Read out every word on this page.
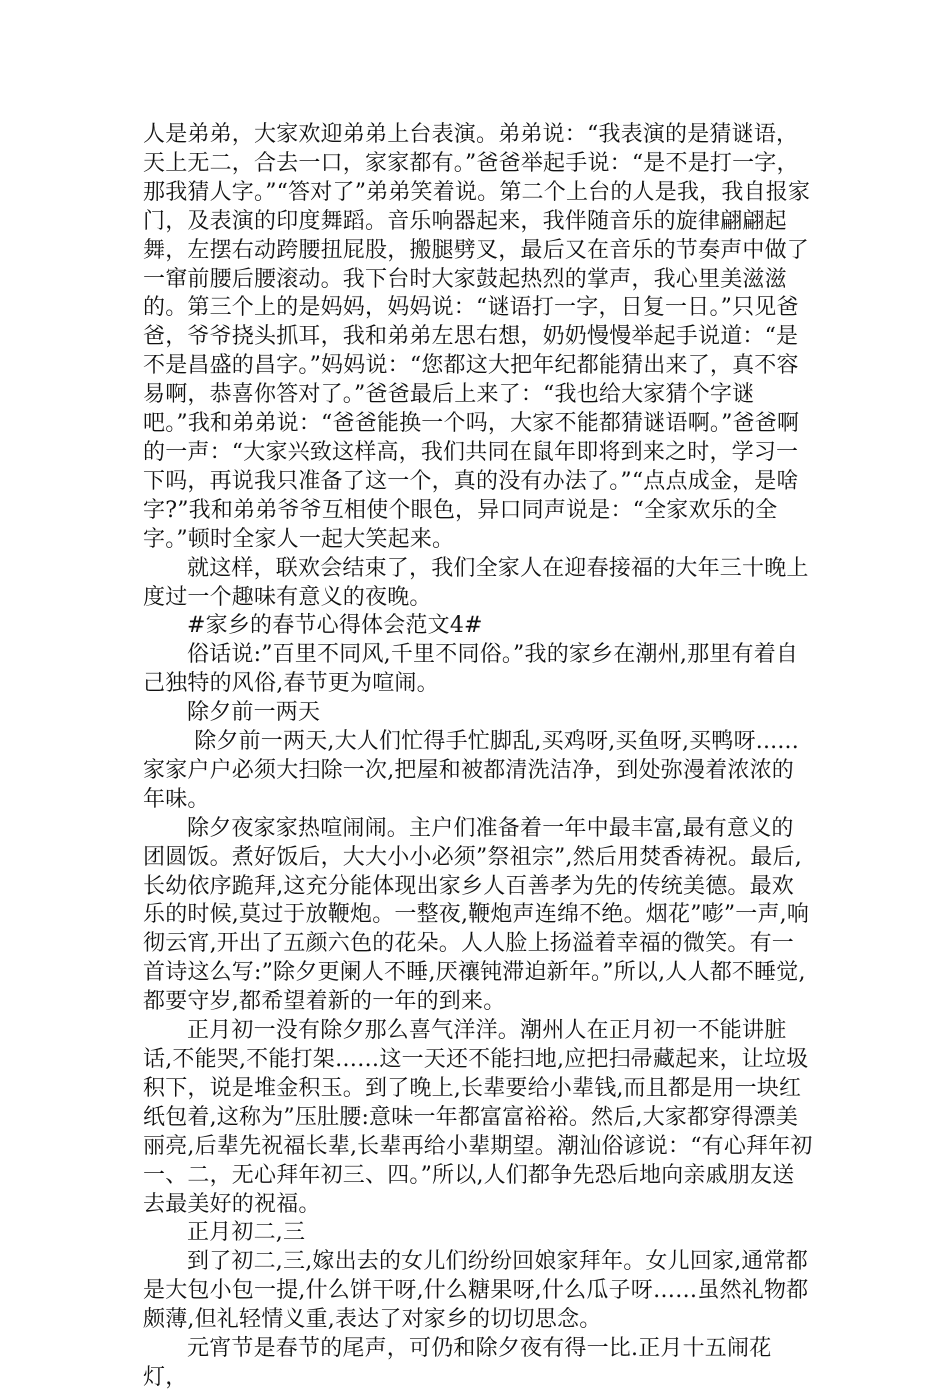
人是弟弟，大家欢迎弟弟上台表演。弟弟说：“我表演的是猜谜语，天上无二，合去一口，家家都有。”爸爸举起手说：“是不是打一字，那我猜人字。”“答对了”弟弟笑着说。第二个上台的人是我，我自报家门，及表演的印度舞蹈。音乐响器起来，我伴随音乐的旋律翩翩起舞，左摆右动跨腰扭屁股，搬腿劈叉，最后又在音乐的节奏声中做了一窜前腰后腰滚动。我下台时大家鼓起热烈的掌声，我心里美滋滋的。第三个上的是妈妈，妈妈说：“谜语打一字，日复一日。”只见爸爸，爷爷挠头抓耳，我和弟弟左思右想，奶奶慢慢举起手说道：“是不是昌盛的昌字。”妈妈说：“您都这大把年纪都能猜出来了，真不容易啊，恭喜你答对了。”爸爸最后上来了：“我也给大家猜个字谜吧。”我和弟弟说：“爸爸能换一个吗，大家不能都猜谜语啊。”爸爸啊的一声：“大家兴致这样高，我们共同在鼠年即将到来之时，学习一下吗，再说我只准备了这一个，真的没有办法了。”“点点成金，是啥字?”我和弟弟爷爷互相使个眼色，异口同声说是：“全家欢乐的全字。”顿时全家人一起大笑起来。

就这样，联欢会结束了，我们全家人在迎春接福的大年三十晚上度过一个趣味有意义的夜晚。

#家乡的春节心得体会范文4#

俗话说:”百里不同风,千里不同俗。”我的家乡在潮州,那里有着自己独特的风俗,春节更为喧闹。

除夕前一两天

除夕前一两天,大人们忙得手忙脚乱,买鸡呀,买鱼呀,买鸭呀......家家户户必须大扫除一次,把屋和被都清洗洁净，到处弥漫着浓浓的年味。

除夕夜家家热喧闹闹。主户们准备着一年中最丰富,最有意义的团圆饭。煮好饭后，大大小小必须”祭祖宗”,然后用焚香祷祝。最后,长幼依序跪拜,这充分能体现出家乡人百善孝为先的传统美德。最欢乐的时候,莫过于放鞭炮。一整夜,鞭炮声连绵不绝。烟花”嘭”一声,响彻云宵,开出了五颜六色的花朵。人人脸上扬溢着幸福的微笑。有一首诗这么写:”除夕更阑人不睡,厌禳钝滞迫新年。”所以,人人都不睡觉,都要守岁,都希望着新的一年的到来。

正月初一没有除夕那么喜气洋洋。潮州人在正月初一不能讲脏话,不能哭,不能打架……这一天还不能扫地,应把扫帚藏起来，让垃圾积下，说是堆金积玉。到了晚上,长辈要给小辈钱,而且都是用一块红纸包着,这称为”压肚腰:意味一年都富富裕裕。然后,大家都穿得漂美丽亮,后辈先祝福长辈,长辈再给小辈期望。潮汕俗谚说：“有心拜年初一、二，无心拜年初三、四。”所以,人们都争先恐后地向亲戚朋友送去最美好的祝福。

正月初二,三

到了初二,三,嫁出去的女儿们纷纷回娘家拜年。女儿回家,通常都是大包小包一提,什么饼干呀,什么糖果呀,什么瓜子呀……虽然礼物都颇薄,但礼轻情义重,表达了对家乡的切切思念。

元宵节是春节的尾声，可仍和除夕夜有得一比.正月十五闹花灯，
